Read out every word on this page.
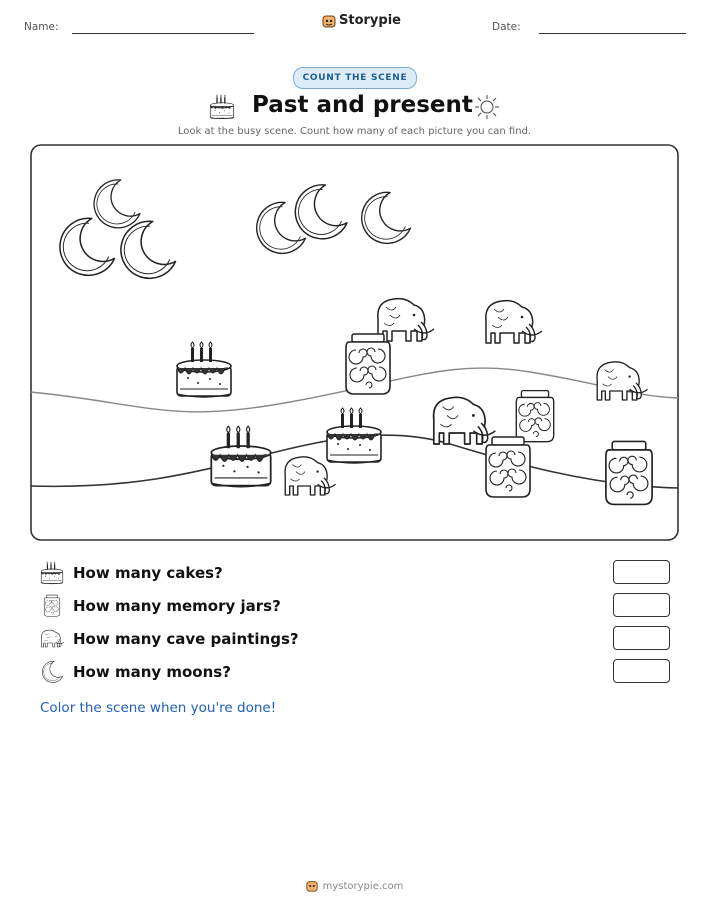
Name:	Storypie	Date:
COUNT THE SCENE
Past and present
Look at the busy scene. Count how many of each picture you can find.
How many cakes?
How many memory jars?
How many cave paintings?
How many moons?
Color the scene when you're done!
mystorypie.com
